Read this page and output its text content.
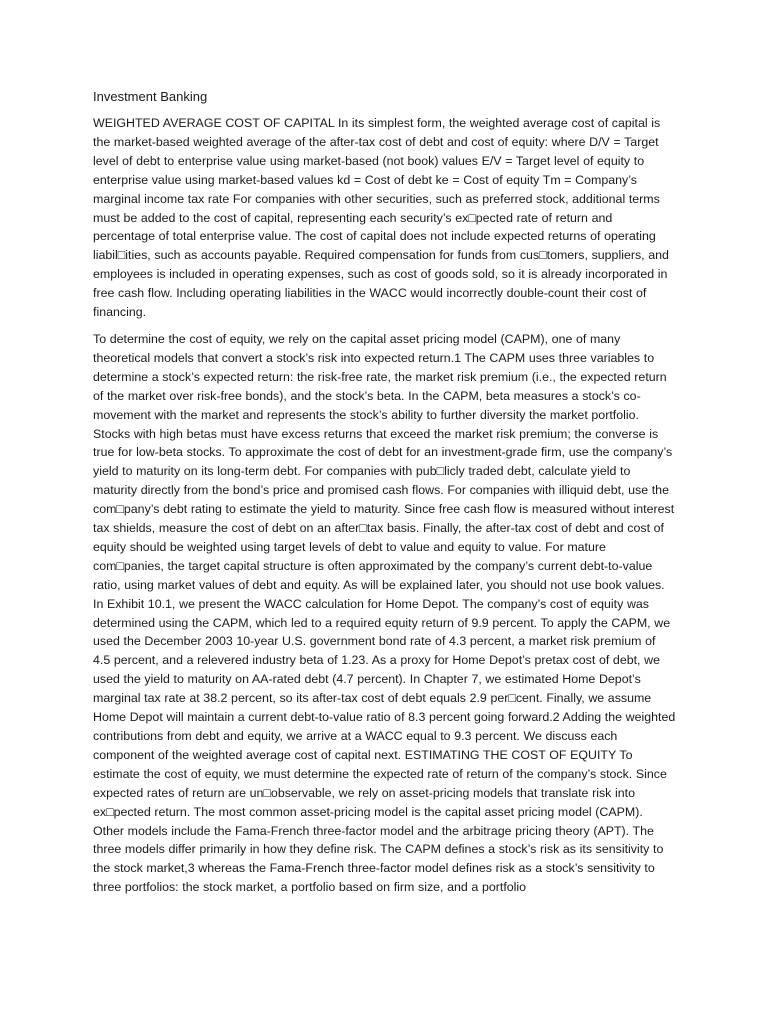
Investment Banking

WEIGHTED AVERAGE COST OF CAPITAL In its simplest form, the weighted average cost of capital is the market-based weighted average of the after-tax cost of debt and cost of equity: where D/V = Target level of debt to enterprise value using market-based (not book) values E/V = Target level of equity to enterprise value using market-based values kd = Cost of debt ke = Cost of equity Tm = Company’s marginal income tax rate For companies with other securities, such as preferred stock, additional terms must be added to the cost of capital, representing each security’s ex□pected rate of return and percentage of total enterprise value. The cost of capital does not include expected returns of operating liabil□ities, such as accounts payable. Required compensation for funds from cus□tomers, suppliers, and employees is included in operating expenses, such as cost of goods sold, so it is already incorporated in free cash flow. Including operating liabilities in the WACC would incorrectly double-count their cost of financing.

To determine the cost of equity, we rely on the capital asset pricing model (CAPM), one of many theoretical models that convert a stock’s risk into expected return.1 The CAPM uses three variables to determine a stock’s expected return: the risk-free rate, the market risk premium (i.e., the expected return of the market over risk-free bonds), and the stock’s beta. In the CAPM, beta measures a stock’s co-movement with the market and represents the stock’s ability to further diversity the market portfolio. Stocks with high betas must have excess returns that exceed the market risk premium; the converse is true for low-beta stocks. To approximate the cost of debt for an investment-grade firm, use the company’s yield to maturity on its long-term debt. For companies with pub□licly traded debt, calculate yield to maturity directly from the bond’s price and promised cash flows. For companies with illiquid debt, use the com□pany’s debt rating to estimate the yield to maturity. Since free cash flow is measured without interest tax shields, measure the cost of debt on an after□tax basis. Finally, the after-tax cost of debt and cost of equity should be weighted using target levels of debt to value and equity to value. For mature com□panies, the target capital structure is often approximated by the company’s current debt-to-value ratio, using market values of debt and equity. As will be explained later, you should not use book values. In Exhibit 10.1, we present the WACC calculation for Home Depot. The company’s cost of equity was determined using the CAPM, which led to a required equity return of 9.9 percent. To apply the CAPM, we used the December 2003 10-year U.S. government bond rate of 4.3 percent, a market risk premium of 4.5 percent, and a relevered industry beta of 1.23. As a proxy for Home Depot’s pretax cost of debt, we used the yield to maturity on AA-rated debt (4.7 percent). In Chapter 7, we estimated Home Depot’s marginal tax rate at 38.2 percent, so its after-tax cost of debt equals 2.9 per□cent. Finally, we assume Home Depot will maintain a current debt-to-value ratio of 8.3 percent going forward.2 Adding the weighted contributions from debt and equity, we arrive at a WACC equal to 9.3 percent. We discuss each component of the weighted average cost of capital next. ESTIMATING THE COST OF EQUITY To estimate the cost of equity, we must determine the expected rate of return of the company’s stock. Since expected rates of return are un□observable, we rely on asset-pricing models that translate risk into ex□pected return. The most common asset-pricing model is the capital asset pricing model (CAPM). Other models include the Fama-French three-factor model and the arbitrage pricing theory (APT). The three models differ primarily in how they define risk. The CAPM defines a stock’s risk as its sensitivity to the stock market,3 whereas the Fama-French three-factor model defines risk as a stock’s sensitivity to three portfolios: the stock market, a portfolio based on firm size, and a portfolio
